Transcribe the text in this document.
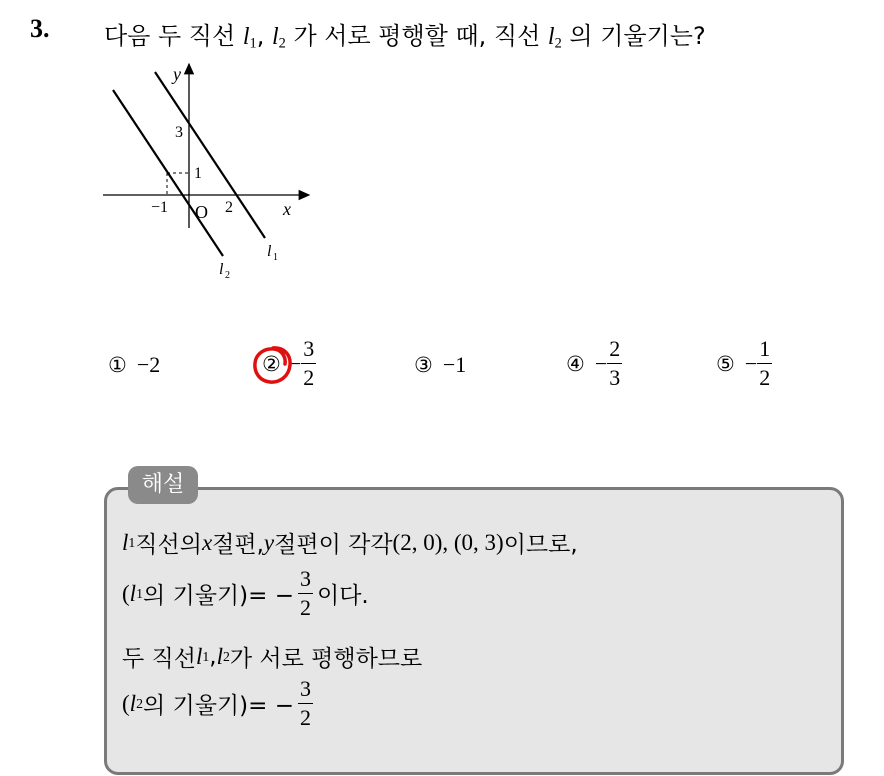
3. 다음 두 직선 $l_1$, $l_2$ 가 서로 평행할 때, 직선 $l_2$ 의 기울기는?
y
x
O
3
1
−1	2
l 1
l 2
① − 2	② − $\frac{3}{2}$	③ − 1	④ − $\frac{2}{3}$	⑤ − $\frac{1}{2}$
해설
l 1 직선의 x 절편, y 절편이 각각 (2, 0), (0, 3) 이므로,
( l 1 의 기울기)= − $\frac{3}{2}$ 이다.
두 직선 l 1 , l 2 가 서로 평행하므로
( l 2 의 기울기)= − $\frac{3}{2}$
